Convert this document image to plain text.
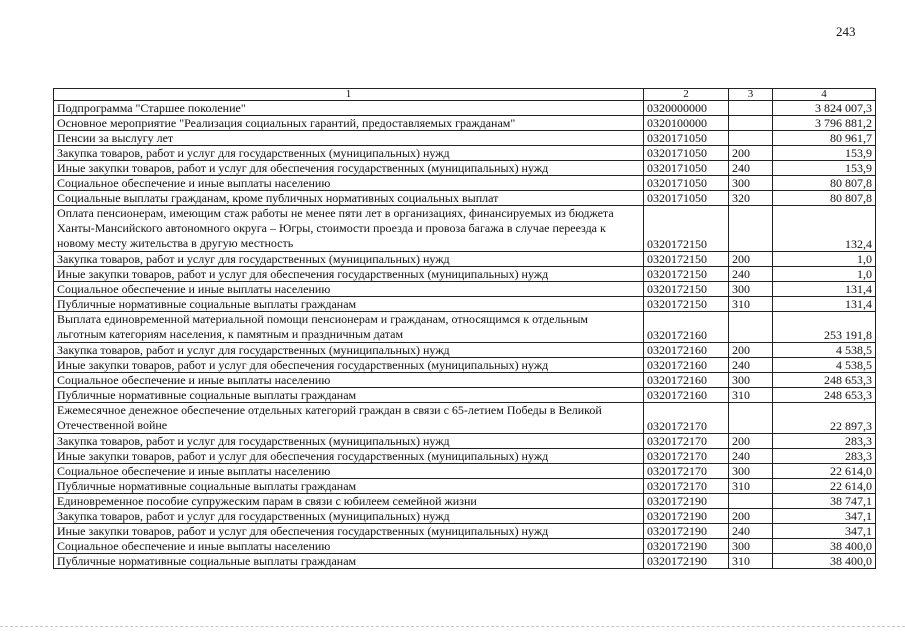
243
1	2	3	4
Подпрограмма "Старшее поколение"	0320000000		3 824 007,3
Основное мероприятие "Реализация социальных гарантий, предоставляемых гражданам"	0320100000		3 796 881,2
Пенсии за выслугу лет	0320171050		80 961,7
Закупка товаров, работ и услуг для государственных (муниципальных) нужд	0320171050	200	153,9
Иные закупки товаров, работ и услуг для обеспечения государственных (муниципальных) нужд	0320171050	240	153,9
Социальное обеспечение и иные выплаты населению	0320171050	300	80 807,8
Социальные выплаты гражданам, кроме публичных нормативных социальных выплат	0320171050	320	80 807,8
Оплата пенсионерам, имеющим стаж работы не менее пяти лет в организациях, финансируемых из бюджета Ханты-Мансийского автономного округа – Югры, стоимости проезда и провоза багажа в случае переезда к новому месту жительства в другую местность	0320172150		132,4
Закупка товаров, работ и услуг для государственных (муниципальных) нужд	0320172150	200	1,0
Иные закупки товаров, работ и услуг для обеспечения государственных (муниципальных) нужд	0320172150	240	1,0
Социальное обеспечение и иные выплаты населению	0320172150	300	131,4
Публичные нормативные социальные выплаты гражданам	0320172150	310	131,4
Выплата единовременной материальной помощи пенсионерам и гражданам, относящимся к отдельным льготным категориям населения, к памятным и праздничным датам	0320172160		253 191,8
Закупка товаров, работ и услуг для государственных (муниципальных) нужд	0320172160	200	4 538,5
Иные закупки товаров, работ и услуг для обеспечения государственных (муниципальных) нужд	0320172160	240	4 538,5
Социальное обеспечение и иные выплаты населению	0320172160	300	248 653,3
Публичные нормативные социальные выплаты гражданам	0320172160	310	248 653,3
Ежемесячное денежное обеспечение отдельных категорий граждан в связи с 65-летием Победы в Великой Отечественной войне	0320172170		22 897,3
Закупка товаров, работ и услуг для государственных (муниципальных) нужд	0320172170	200	283,3
Иные закупки товаров, работ и услуг для обеспечения государственных (муниципальных) нужд	0320172170	240	283,3
Социальное обеспечение и иные выплаты населению	0320172170	300	22 614,0
Публичные нормативные социальные выплаты гражданам	0320172170	310	22 614,0
Единовременное пособие супружеским парам в связи с юбилеем семейной жизни	0320172190		38 747,1
Закупка товаров, работ и услуг для государственных (муниципальных) нужд	0320172190	200	347,1
Иные закупки товаров, работ и услуг для обеспечения государственных (муниципальных) нужд	0320172190	240	347,1
Социальное обеспечение и иные выплаты населению	0320172190	300	38 400,0
Публичные нормативные социальные выплаты гражданам	0320172190	310	38 400,0
